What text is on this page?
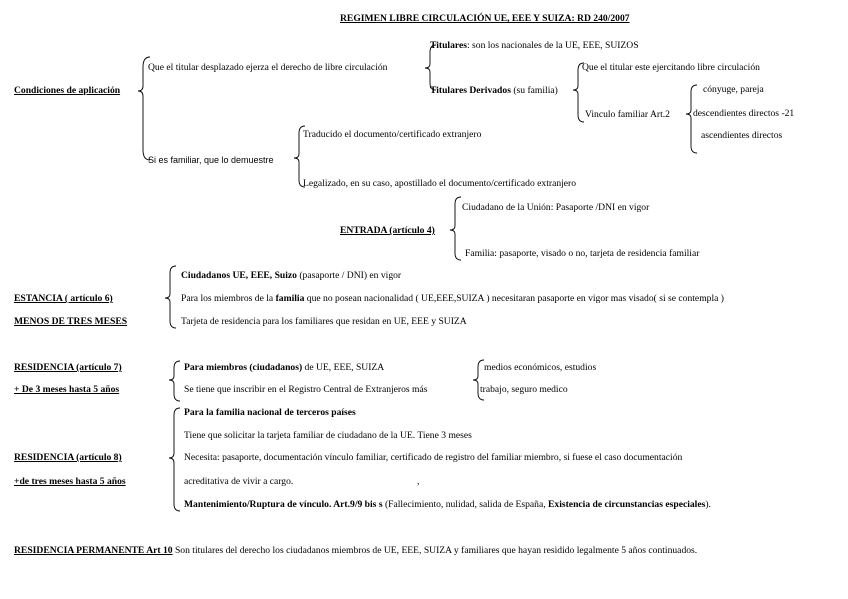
REGIMEN LIBRE CIRCULACIÓN UE, EEE Y SUIZA: RD 240/2007
Condiciones de aplicación
Que el titular desplazado ejerza el derecho de libre circulación
Titulares: son los nacionales de la UE, EEE, SUIZOS
Titulares Derivados (su familia)
Que el titular este ejercitando libre circulación
Vinculo familiar Art.2
cónyuge, pareja
descendientes directos -21
ascendientes directos
Si es familiar, que lo demuestre
Traducido el documento/certificado extranjero
Legalizado, en su caso, apostillado el documento/certificado extranjero
ENTRADA (artículo 4)
Ciudadano de la Unión: Pasaporte /DNI en vigor
Familia: pasaporte, visado o no, tarjeta de residencia familiar
ESTANCIA ( artículo 6)
MENOS DE TRES MESES
Ciudadanos UE, EEE, Suizo (pasaporte / DNI) en vigor
Para los miembros de la familia que no posean nacionalidad ( UE,EEE,SUIZA ) necesitaran pasaporte en vigor mas visado( si se contempla )
Tarjeta de residencia para los familiares que residan en UE, EEE y SUIZA
RESIDENCIA (artículo 7)
+ De 3 meses hasta 5 años
Para miembros (ciudadanos) de UE, EEE, SUIZA
Se tiene que inscribir en el Registro Central de Extranjeros más
medios económicos, estudios
trabajo, seguro medico
RESIDENCIA (artículo 8)
+de tres meses hasta 5 años
Para la familia nacional de terceros países
Tiene que solicitar la tarjeta familiar de ciudadano de la UE. Tiene 3 meses
Necesita: pasaporte, documentación vínculo familiar, certificado de registro del familiar miembro, si fuese el caso documentación
acreditativa de vivir a cargo.	,
Mantenimiento/Ruptura de vínculo. Art.9/9 bis s (Fallecimiento, nulidad, salida de España, Existencia de circunstancias especiales).
RESIDENCIA PERMANENTE Art 10 Son titulares del derecho los ciudadanos miembros de UE, EEE, SUIZA y familiares que hayan residido legalmente 5 años continuados.
